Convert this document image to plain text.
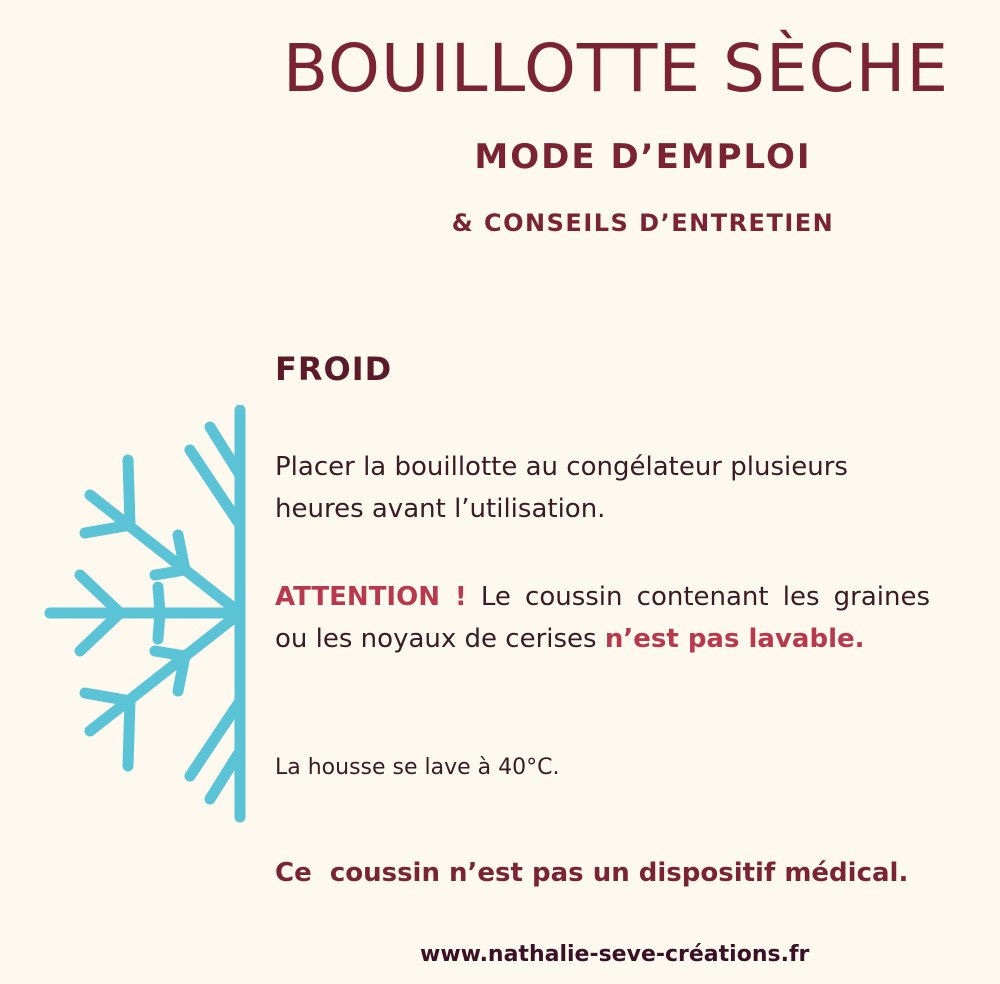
BOUILLOTTE SÈCHE
MODE D’EMPLOI
& CONSEILS D’ENTRETIEN
FROID

Placer la bouillotte au congélateur plusieurs heures avant l’utilisation.

ATTENTION ! Le coussin contenant les graines ou les noyaux de cerises n’est pas lavable.

La housse se lave à 40°C.

Ce  coussin n’est pas un dispositif médical.

www.nathalie-seve-créations.fr
